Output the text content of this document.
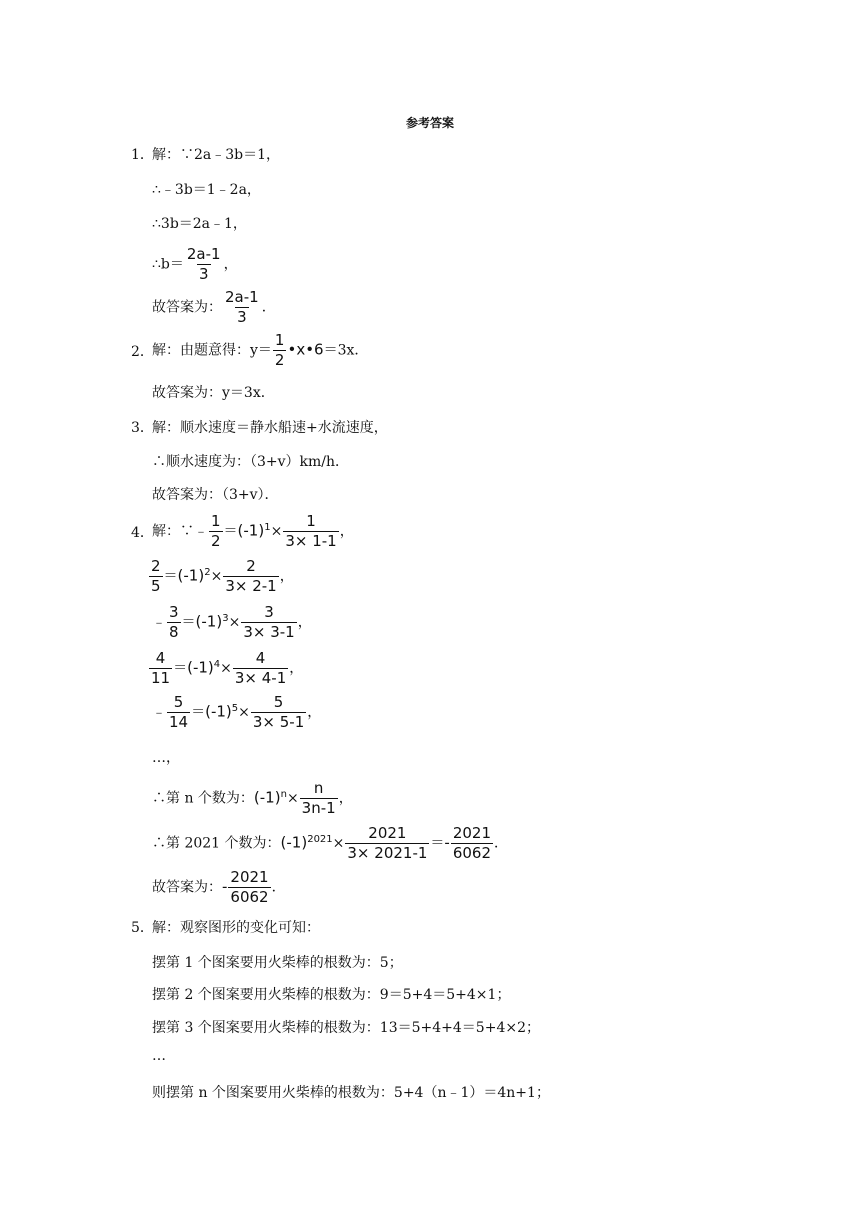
参考答案
1．
解：∵2a﹣3b＝1，
∴﹣3b＝1﹣2a，
∴3b＝2a﹣1，
∴b＝ $\frac{2a-1}{3}$ ，
故答案为： $\frac{2a-1}{3}$ ．
2．
解：由题意得：$y= \frac{1}{2}$ •x•6＝3x．
故答案为：y＝3x．
3．
解：顺水速度＝静水船速+水流速度，
∴顺水速度为：（3+v）km/h．
故答案为：（3+v）．
4．
解：∵﹣ $\frac{1}{2} =(-1)^1\times \frac{1}{3\times 1-1}$ ，
$\frac{2}{5} =(-1)^2\times \frac{2}{3\times 2-1}$ ，
﹣ $\frac{3}{8} =(-1)^3\times \frac{3}{3\times 3-1}$ ，
$\frac{4}{11} =(-1)^4\times \frac{4}{3\times 4-1}$ ，
﹣ $\frac{5}{14} =(-1)^5\times \frac{5}{3\times 5-1}$ ，
…，
∴第 n 个数为：$(-1)^n\times \frac{n}{3n-1}$ ，
∴第 2021 个数为：$(-1)^{2021}\times \frac{2021}{3\times 2021-1} =- \frac{2021}{6062}$ ．
故答案为：- $\frac{2021}{6062}$ ．
5．
解：观察图形的变化可知：
摆第 1 个图案要用火柴棒的根数为：5；
摆第 2 个图案要用火柴棒的根数为：9＝5+4＝5+4×1；
摆第 3 个图案要用火柴棒的根数为：13＝5+4+4＝5+4×2；
…
则摆第 n 个图案要用火柴棒的根数为：5+4（n﹣1）＝4n+1；
